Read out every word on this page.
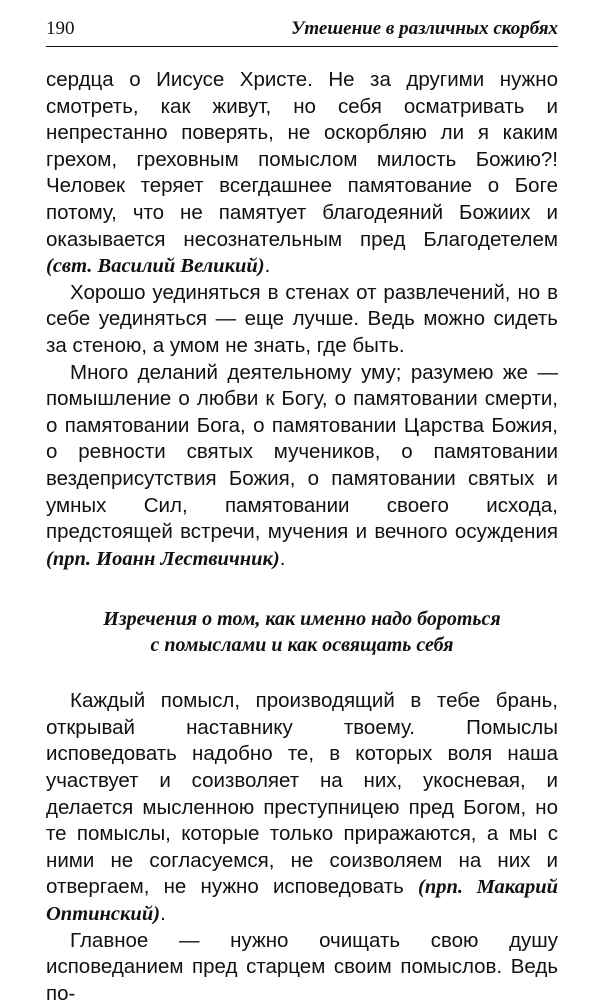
190	Утешение в различных скорбях

сердца о Иисусе Христе. Не за другими нужно смотреть, как живут, но себя осматривать и непрестанно поверять, не оскорбляю ли я каким грехом, греховным помыслом милость Божию?! Человек теряет всегдашнее памятование о Боге потому, что не памятует благодеяний Божиих и оказывается несознательным пред Благодетелем (свт. Василий Великий).

Хорошо уединяться в стенах от развлечений, но в себе уединяться — еще лучше. Ведь можно сидеть за стеною, а умом не знать, где быть.

Много деланий деятельному уму; разумею же — помышление о любви к Богу, о памятовании смерти, о памятовании Бога, о памятовании Царства Божия, о ревности святых мучеников, о памятовании вездеприсутствия Божия, о памятовании святых и умных Сил, памятовании своего исхода, предстоящей встречи, мучения и вечного осуждения (прп. Иоанн Лествичник).

Изречения о том, как именно надо бороться
с помыслами и как освящать себя

Каждый помысл, производящий в тебе брань, открывай наставнику твоему. Помыслы исповедовать надобно те, в которых воля наша участвует и соизволяет на них, укосневая, и делается мысленною преступницею пред Богом, но те помыслы, которые только приражаются, а мы с ними не согласуемся, не соизволяем на них и отвергаем, не нужно исповедовать (прп. Макарий Оптинский).

Главное — нужно очищать свою душу исповеданием пред старцем своим помыслов. Ведь по-
